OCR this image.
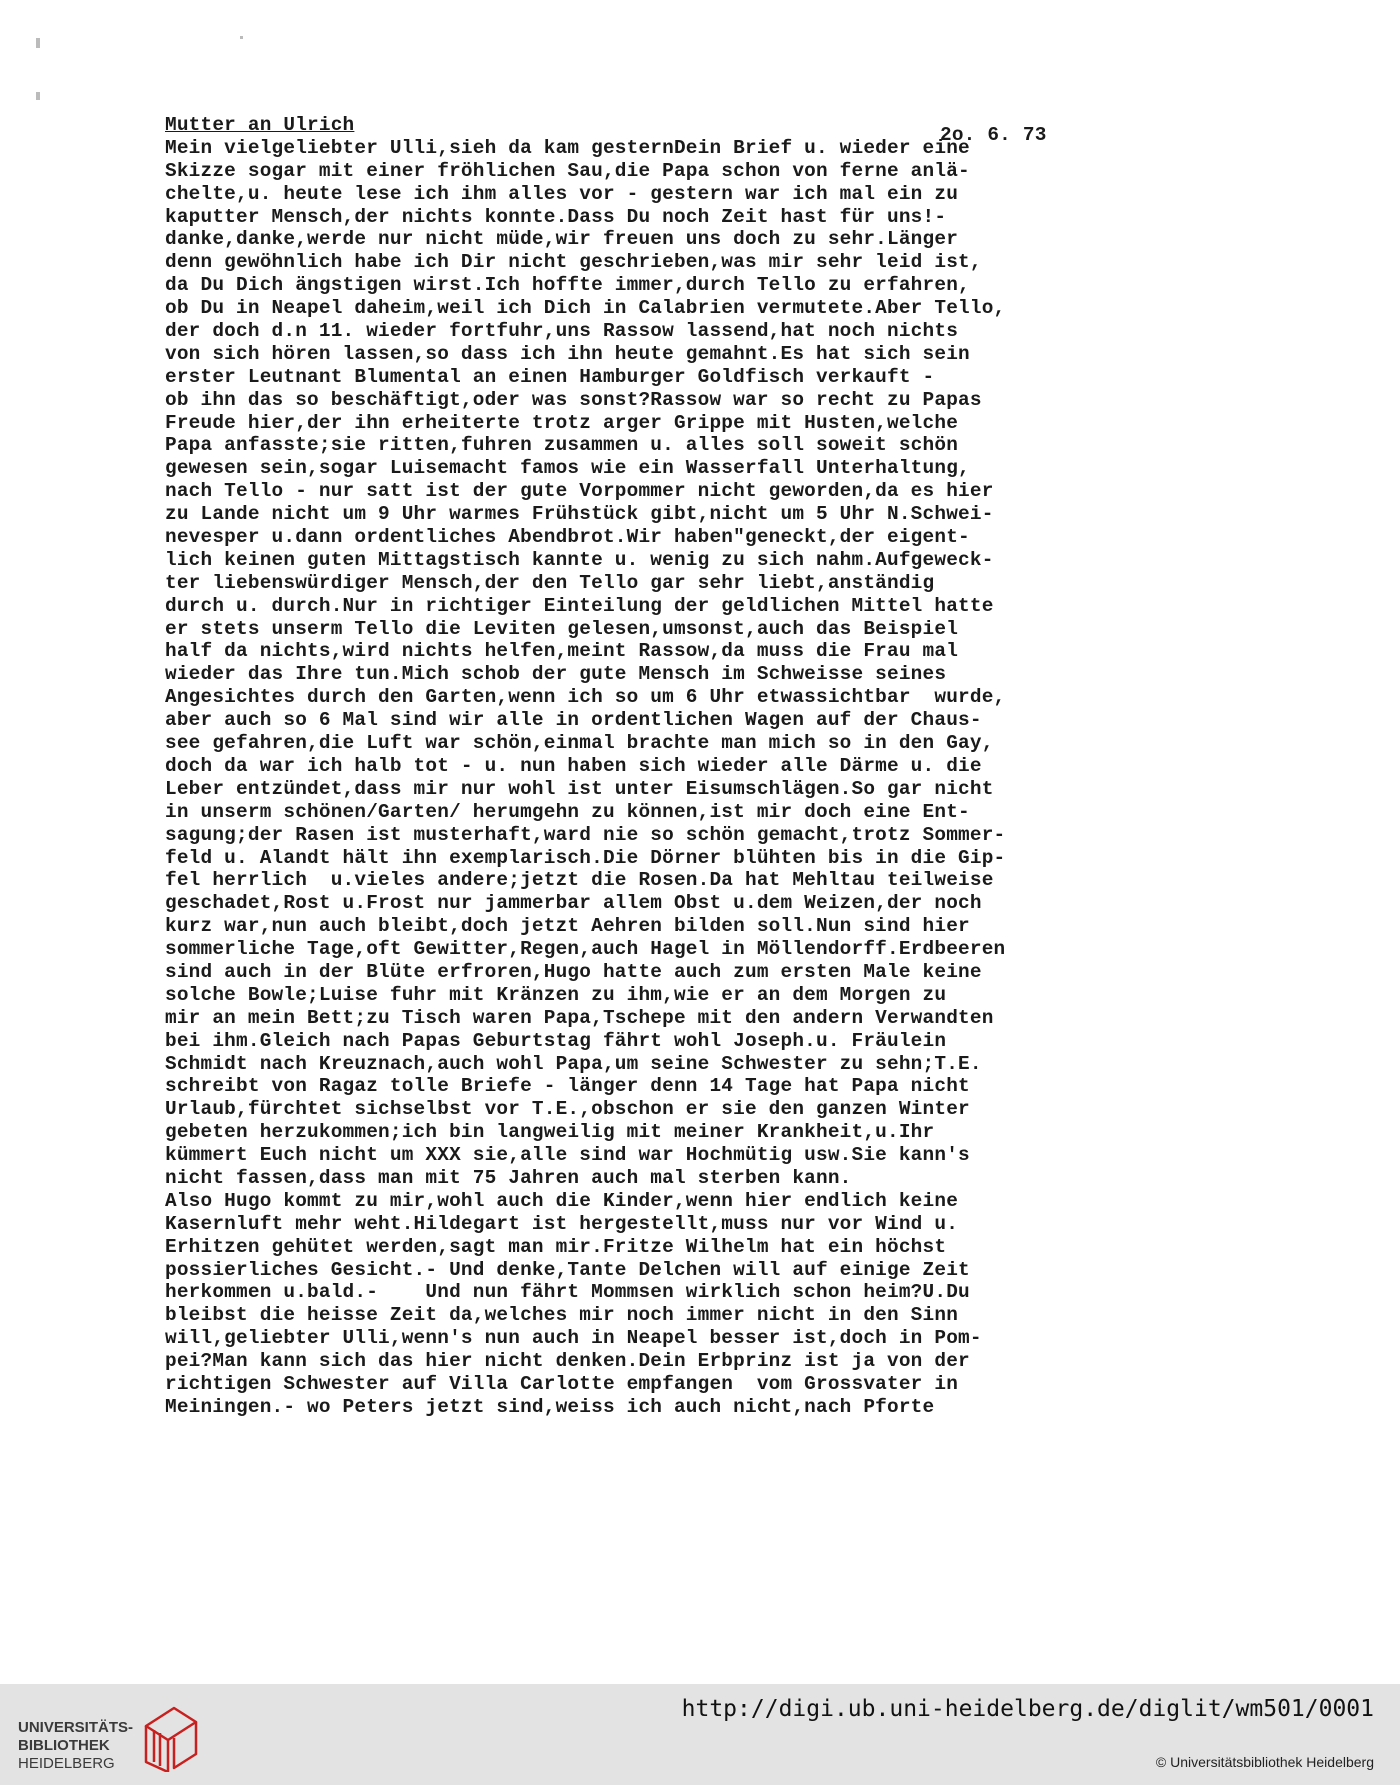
Mutter an Ulrich	2o. 6. 73
Mein vielgeliebter Ulli,sieh da kam gesternDein Brief u. wieder eine
Skizze sogar mit einer fröhlichen Sau,die Papa schon von ferne anlä-
chelte,u. heute lese ich ihm alles vor - gestern war ich mal ein zu
kaputter Mensch,der nichts konnte.Dass Du noch Zeit hast für uns!-
danke,danke,werde nur nicht müde,wir freuen uns doch zu sehr.Länger
denn gewöhnlich habe ich Dir nicht geschrieben,was mir sehr leid ist,
da Du Dich ängstigen wirst.Ich hoffte immer,durch Tello zu erfahren,
ob Du in Neapel daheim,weil ich Dich in Calabrien vermutete.Aber Tello,
der doch d.n 11. wieder fortfuhr,uns Rassow lassend,hat noch nichts
von sich hören lassen,so dass ich ihn heute gemahnt.Es hat sich sein
erster Leutnant Blumental an einen Hamburger Goldfisch verkauft -
ob ihn das so beschäftigt,oder was sonst?Rassow war so recht zu Papas
Freude hier,der ihn erheiterte trotz arger Grippe mit Husten,welche
Papa anfasste;sie ritten,fuhren zusammen u. alles soll soweit schön
gewesen sein,sogar Luisemacht famos wie ein Wasserfall Unterhaltung,
nach Tello - nur satt ist der gute Vorpommer nicht geworden,da es hier
zu Lande nicht um 9 Uhr warmes Frühstück gibt,nicht um 5 Uhr N.Schwei-
nevesper u.dann ordentliches Abendbrot.Wir haben"geneckt,der eigent-
lich keinen guten Mittagstisch kannte u. wenig zu sich nahm.Aufgeweck-
ter liebenswürdiger Mensch,der den Tello gar sehr liebt,anständig
durch u. durch.Nur in richtiger Einteilung der geldlichen Mittel hatte
er stets unserm Tello die Leviten gelesen,umsonst,auch das Beispiel
half da nichts,wird nichts helfen,meint Rassow,da muss die Frau mal
wieder das Ihre tun.Mich schob der gute Mensch im Schweisse seines
Angesichtes durch den Garten,wenn ich so um 6 Uhr etwassichtbar  wurde,
aber auch so 6 Mal sind wir alle in ordentlichen Wagen auf der Chaus-
see gefahren,die Luft war schön,einmal brachte man mich so in den Gay,
doch da war ich halb tot - u. nun haben sich wieder alle Därme u. die
Leber entzündet,dass mir nur wohl ist unter Eisumschlägen.So gar nicht
in unserm schönen/Garten/ herumgehn zu können,ist mir doch eine Ent-
sagung;der Rasen ist musterhaft,ward nie so schön gemacht,trotz Sommer-
feld u. Alandt hält ihn exemplarisch.Die Dörner blühten bis in die Gip-
fel herrlich  u.vieles andere;jetzt die Rosen.Da hat Mehltau teilweise
geschadet,Rost u.Frost nur jammerbar allem Obst u.dem Weizen,der noch
kurz war,nun auch bleibt,doch jetzt Aehren bilden soll.Nun sind hier
sommerliche Tage,oft Gewitter,Regen,auch Hagel in Möllendorff.Erdbeeren
sind auch in der Blüte erfroren,Hugo hatte auch zum ersten Male keine
solche Bowle;Luise fuhr mit Kränzen zu ihm,wie er an dem Morgen zu
mir an mein Bett;zu Tisch waren Papa,Tschepe mit den andern Verwandten
bei ihm.Gleich nach Papas Geburtstag fährt wohl Joseph.u. Fräulein
Schmidt nach Kreuznach,auch wohl Papa,um seine Schwester zu sehn;T.E.
schreibt von Ragaz tolle Briefe - länger denn 14 Tage hat Papa nicht
Urlaub,fürchtet sichselbst vor T.E.,obschon er sie den ganzen Winter
gebeten herzukommen;ich bin langweilig mit meiner Krankheit,u.Ihr
kümmert Euch nicht um XXX sie,alle sind war Hochmütig usw.Sie kann's
nicht fassen,dass man mit 75 Jahren auch mal sterben kann.
Also Hugo kommt zu mir,wohl auch die Kinder,wenn hier endlich keine
Kasernluft mehr weht.Hildegart ist hergestellt,muss nur vor Wind u.
Erhitzen gehütet werden,sagt man mir.Fritze Wilhelm hat ein höchst
possierliches Gesicht.- Und denke,Tante Delchen will auf einige Zeit
herkommen u.bald.-    Und nun fährt Mommsen wirklich schon heim?U.Du
bleibst die heisse Zeit da,welches mir noch immer nicht in den Sinn
will,geliebter Ulli,wenn's nun auch in Neapel besser ist,doch in Pom-
pei?Man kann sich das hier nicht denken.Dein Erbprinz ist ja von der
richtigen Schwester auf Villa Carlotte empfangen  vom Grossvater in
Meiningen.- wo Peters jetzt sind,weiss ich auch nicht,nach Pforte
UNIVERSITÄTS-
BIBLIOTHEK
HEIDELBERG
http://digi.ub.uni-heidelberg.de/diglit/wm501/0001
© Universitätsbibliothek Heidelberg
